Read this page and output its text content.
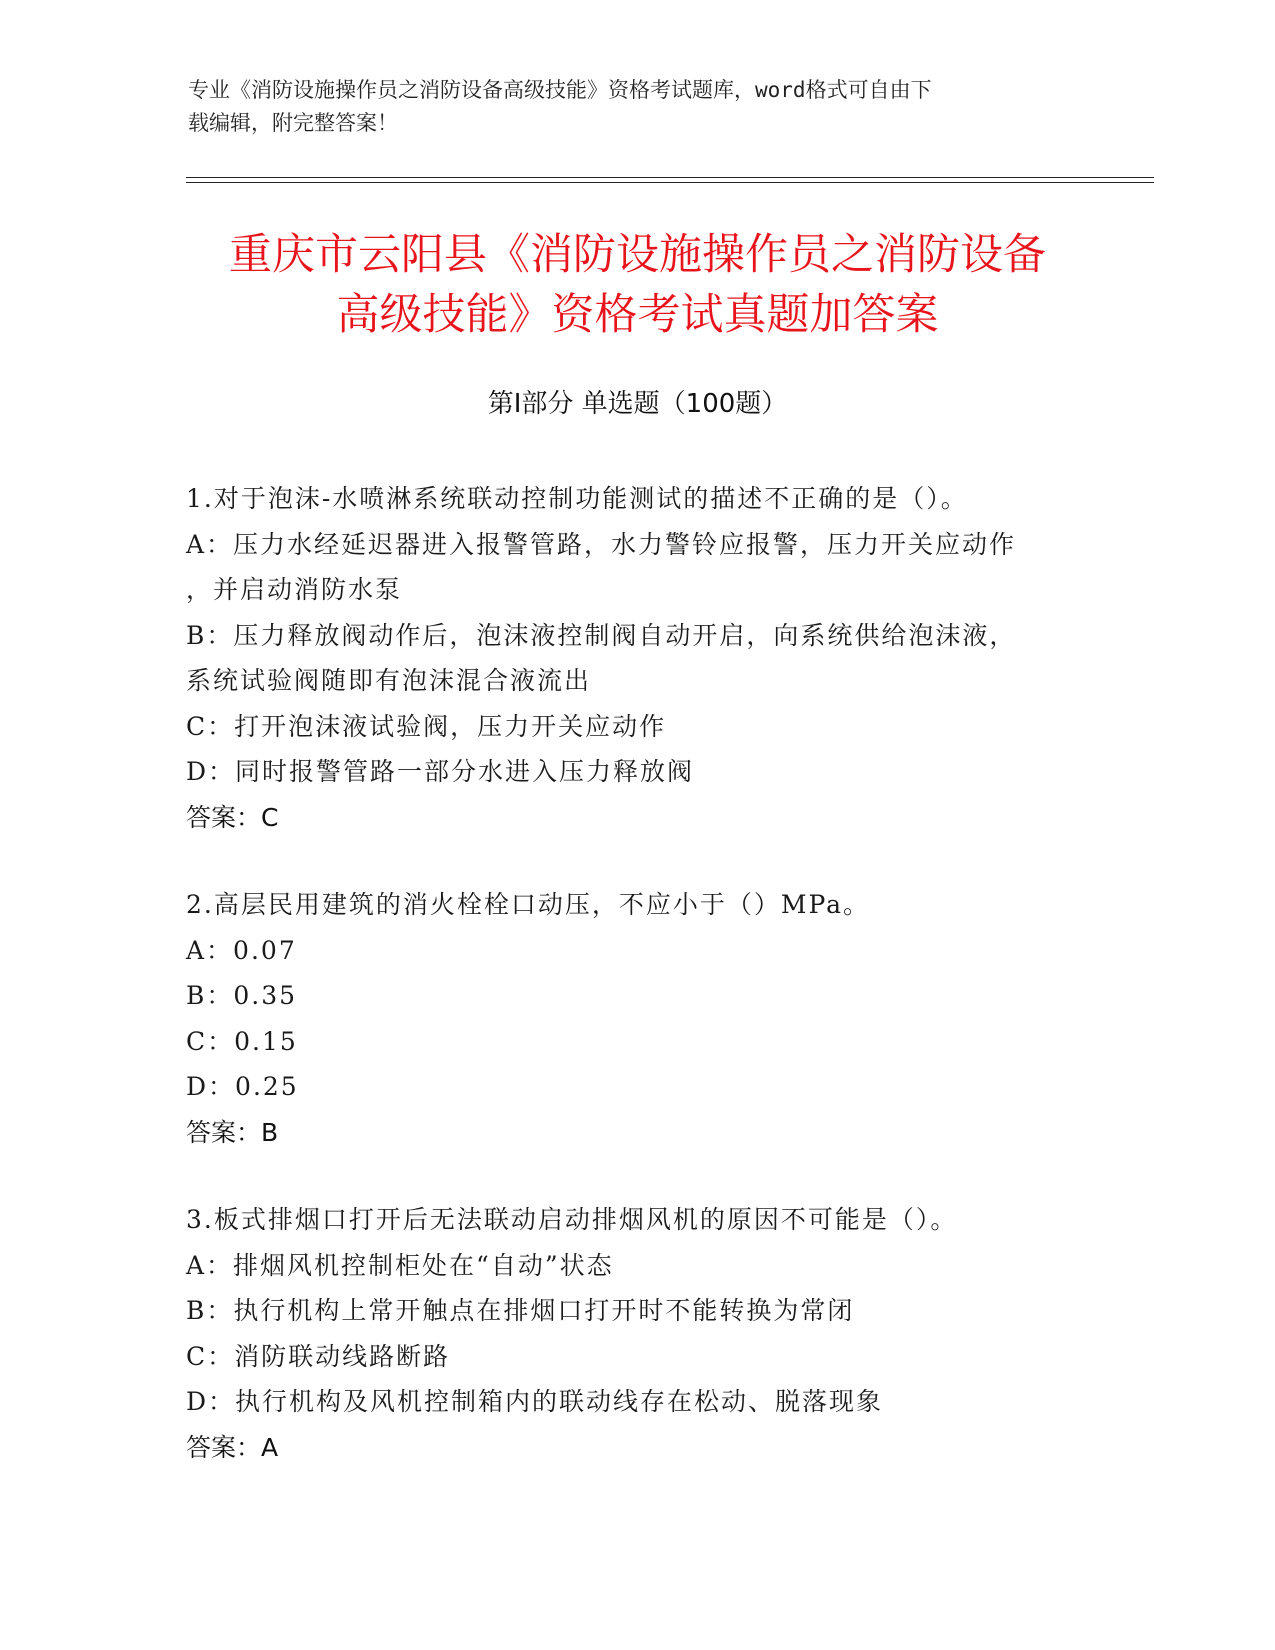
专业《消防设施操作员之消防设备高级技能》资格考试题库，word格式可自由下
载编辑，附完整答案！
重庆市云阳县《消防设施操作员之消防设备
高级技能》资格考试真题加答案
第Ⅰ部分 单选题（100题）
1.对于泡沫-水喷淋系统联动控制功能测试的描述不正确的是（）。
A：压力水经延迟器进入报警管路，水力警铃应报警，压力开关应动作
，并启动消防水泵
B：压力释放阀动作后，泡沫液控制阀自动开启，向系统供给泡沫液，
系统试验阀随即有泡沫混合液流出
C：打开泡沫液试验阀，压力开关应动作
D：同时报警管路一部分水进入压力释放阀
答案：C
2.高层民用建筑的消火栓栓口动压，不应小于（）MPa。
A：0.07
B：0.35
C：0.15
D：0.25
答案：B
3.板式排烟口打开后无法联动启动排烟风机的原因不可能是（）。
A：排烟风机控制柜处在“自动”状态
B：执行机构上常开触点在排烟口打开时不能转换为常闭
C：消防联动线路断路
D：执行机构及风机控制箱内的联动线存在松动、脱落现象
答案：A
